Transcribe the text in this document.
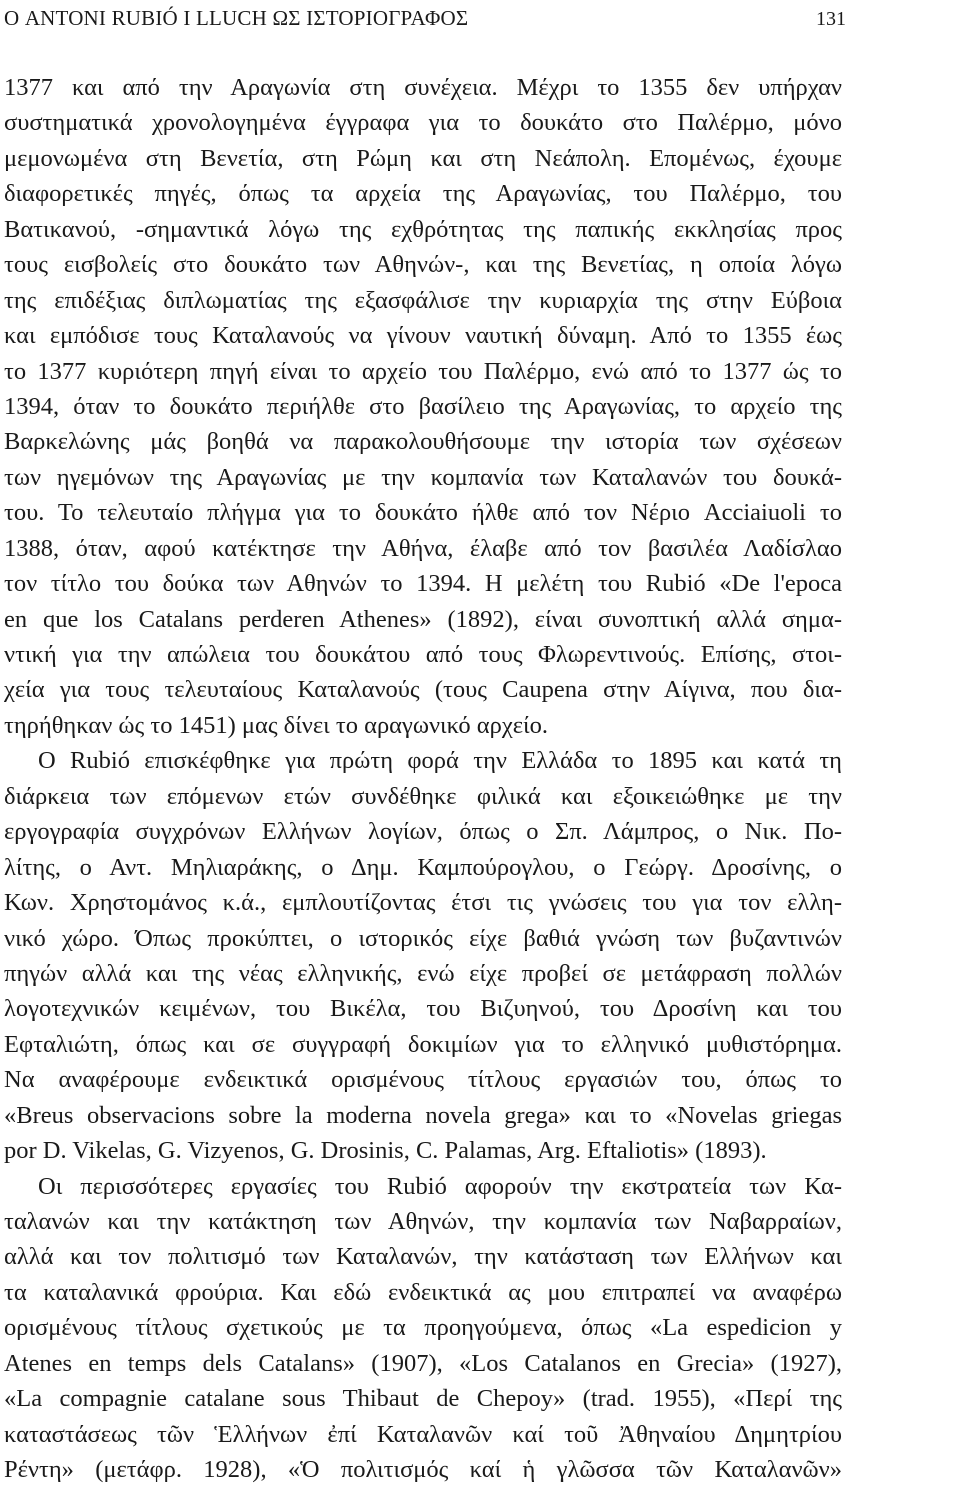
Ο ANTONI RUBIÓ I LLUCH ΩΣ ΙΣΤΟΡΙΟΓΡΑΦΟΣ	131
1377 και από την Αραγωνία στη συνέχεια. Μέχρι το 1355 δεν υπήρχαν
συστηματικά χρονολογημένα έγγραφα για το δουκάτο στο Παλέρμο, μόνο
μεμονωμένα στη Βενετία, στη Ρώμη και στη Νεάπολη. Επομένως, έχουμε
διαφορετικές πηγές, όπως τα αρχεία της Αραγωνίας, του Παλέρμο, του
Βατικανού, -σημαντικά λόγω της εχθρότητας της παπικής εκκλησίας προς
τους εισβολείς στο δουκάτο των Αθηνών-, και της Βενετίας, η οποία λόγω
της επιδέξιας διπλωματίας της εξασφάλισε την κυριαρχία της στην Εύβοια
και εμπόδισε τους Καταλανούς να γίνουν ναυτική δύναμη. Από το 1355 έως
το 1377 κυριότερη πηγή είναι το αρχείο του Παλέρμο, ενώ από το 1377 ώς το
1394, όταν το δουκάτο περιήλθε στο βασίλειο της Αραγωνίας, το αρχείο της
Βαρκελώνης μάς βοηθά να παρακολουθήσουμε την ιστορία των σχέσεων
των ηγεμόνων της Αραγωνίας με την κομπανία των Καταλανών του δουκά-
του. Το τελευταίο πλήγμα για το δουκάτο ήλθε από τον Νέριο Acciaiuoli το
1388, όταν, αφού κατέκτησε την Αθήνα, έλαβε από τον βασιλέα Λαδίσλαο
τον τίτλο του δούκα των Αθηνών το 1394. Η μελέτη του Rubió «De l'epoca
en que los Catalans perderen Athenes» (1892), είναι συνοπτική αλλά σημα-
ντική για την απώλεια του δουκάτου από τους Φλωρεντινούς. Επίσης, στοι-
χεία για τους τελευταίους Καταλανούς (τους Caupena στην Αίγινα, που δια-
τηρήθηκαν ώς το 1451) μας δίνει το αραγωνικό αρχείο.
Ο Rubió επισκέφθηκε για πρώτη φορά την Ελλάδα το 1895 και κατά τη
διάρκεια των επόμενων ετών συνδέθηκε φιλικά και εξοικειώθηκε με την
εργογραφία συγχρόνων Ελλήνων λογίων, όπως ο Σπ. Λάμπρος, ο Νικ. Πο-
λίτης, ο Αντ. Μηλιαράκης, ο Δημ. Καμπούρογλου, ο Γεώργ. Δροσίνης, ο
Κων. Χρηστομάνος κ.ά., εμπλουτίζοντας έτσι τις γνώσεις του για τον ελλη-
νικό χώρο. Όπως προκύπτει, ο ιστορικός είχε βαθιά γνώση των βυζαντινών
πηγών αλλά και της νέας ελληνικής, ενώ είχε προβεί σε μετάφραση πολλών
λογοτεχνικών κειμένων, του Βικέλα, του Βιζυηνού, του Δροσίνη και του
Εφταλιώτη, όπως και σε συγγραφή δοκιμίων για το ελληνικό μυθιστόρημα.
Να αναφέρουμε ενδεικτικά ορισμένους τίτλους εργασιών του, όπως το
«Breus observacions sobre la moderna novela grega» και το «Novelas griegas
por D. Vikelas, G. Vizyenos, G. Drosinis, C. Palamas, Arg. Eftaliotis» (1893).
Οι περισσότερες εργασίες του Rubió αφορούν την εκστρατεία των Κα-
ταλανών και την κατάκτηση των Αθηνών, την κομπανία των Ναβαρραίων,
αλλά και τον πολιτισμό των Καταλανών, την κατάσταση των Ελλήνων και
τα καταλανικά φρούρια. Και εδώ ενδεικτικά ας μου επιτραπεί να αναφέρω
ορισμένους τίτλους σχετικούς με τα προηγούμενα, όπως «La espedicion y
Atenes en temps dels Catalans» (1907), «Los Catalanos en Grecia» (1927),
«La compagnie catalane sous Thibaut de Chepoy» (trad. 1955), «Περί της
καταστάσεως τῶν Ἑλλήνων ἐπί Καταλανῶν καί τοῦ Ἀθηναίου Δημητρίου
Ρέντη» (μετάφρ. 1928), «Ὁ πολιτισμός καί ἡ γλῶσσα τῶν Καταλανῶν»
